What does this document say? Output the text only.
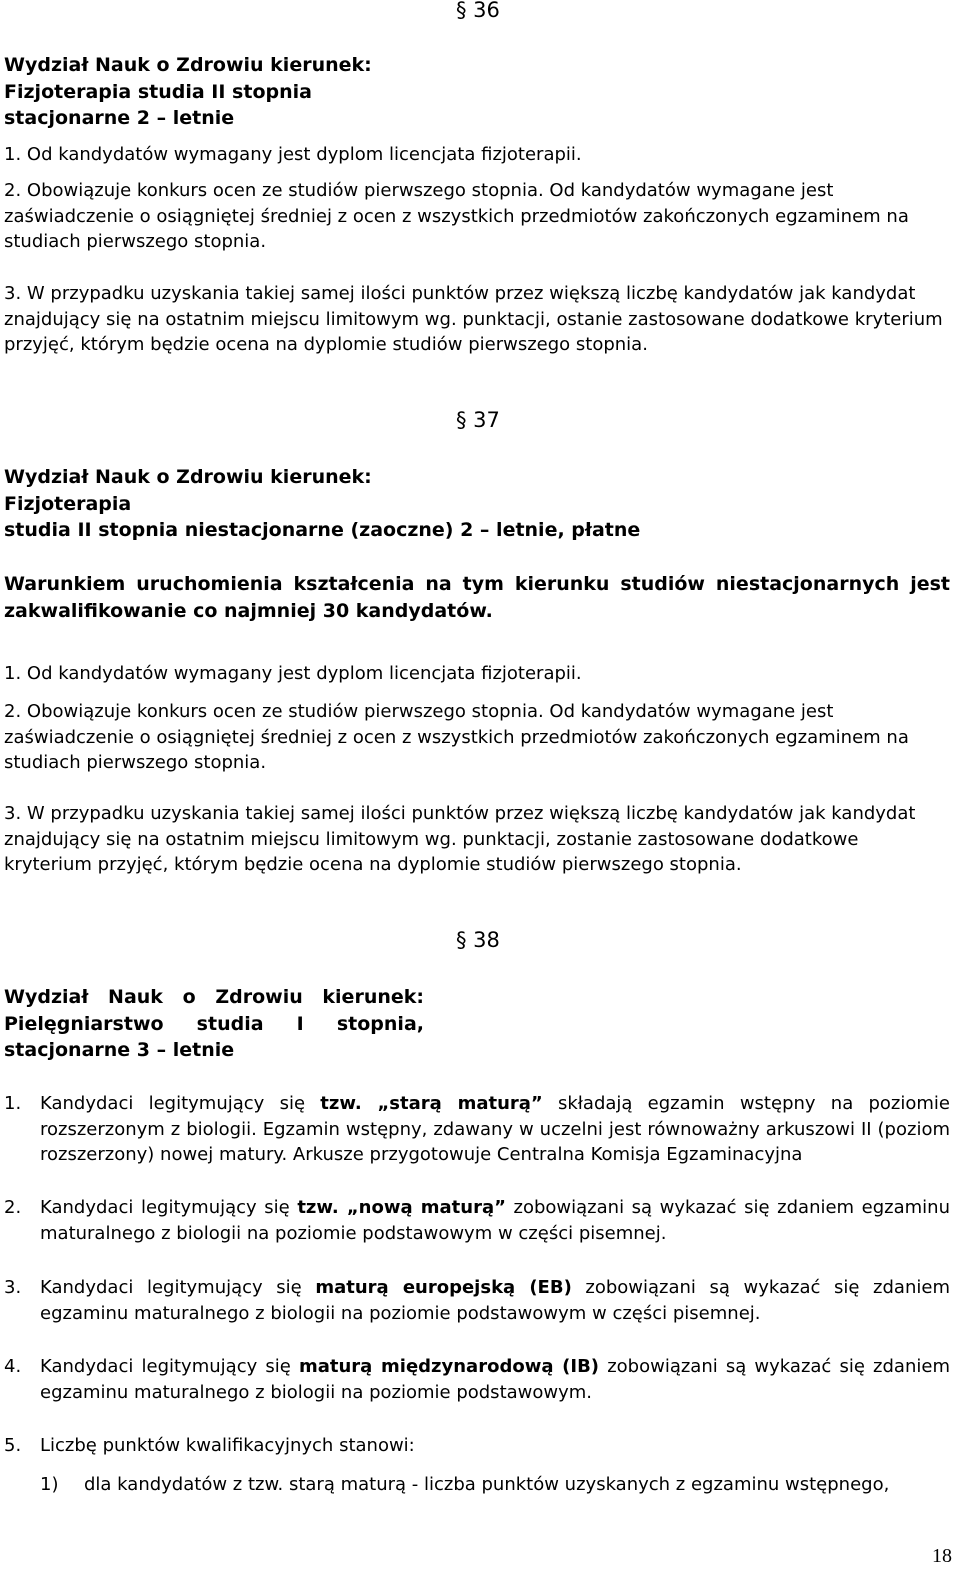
§ 36
Wydział Nauk o Zdrowiu kierunek:
Fizjoterapia studia II stopnia
stacjonarne 2 – letnie
1. Od kandydatów wymagany jest dyplom licencjata fizjoterapii.
2. Obowiązuje konkurs ocen ze studiów pierwszego stopnia. Od kandydatów wymagane jest zaświadczenie o osiągniętej średniej z ocen z wszystkich przedmiotów zakończonych egzaminem na studiach pierwszego stopnia.
3. W przypadku uzyskania takiej samej ilości punktów przez większą liczbę kandydatów jak kandydat znajdujący się na ostatnim miejscu limitowym wg. punktacji, ostanie zastosowane dodatkowe kryterium przyjęć, którym będzie ocena na dyplomie studiów pierwszego stopnia.
§ 37
Wydział Nauk o Zdrowiu kierunek:
Fizjoterapia
studia II stopnia niestacjonarne (zaoczne) 2 – letnie, płatne
Warunkiem uruchomienia kształcenia na tym kierunku studiów niestacjonarnych jest zakwalifikowanie co najmniej 30 kandydatów.
1. Od kandydatów wymagany jest dyplom licencjata fizjoterapii.
2. Obowiązuje konkurs ocen ze studiów pierwszego stopnia. Od kandydatów wymagane jest zaświadczenie o osiągniętej średniej z ocen z wszystkich przedmiotów zakończonych egzaminem na studiach pierwszego stopnia.
3. W przypadku uzyskania takiej samej ilości punktów przez większą liczbę kandydatów jak kandydat znajdujący się na ostatnim miejscu limitowym wg. punktacji, zostanie zastosowane dodatkowe kryterium przyjęć, którym będzie ocena na dyplomie studiów pierwszego stopnia.
§ 38
Wydział Nauk o Zdrowiu kierunek:
Pielęgniarstwo studia I stopnia,
stacjonarne 3 – letnie
1.	Kandydaci legitymujący się tzw. „starą maturą” składają egzamin wstępny na poziomie rozszerzonym z biologii. Egzamin wstępny, zdawany w uczelni jest równoważny arkuszowi II (poziom rozszerzony) nowej matury. Arkusze przygotowuje Centralna Komisja Egzaminacyjna
2.	Kandydaci legitymujący się tzw. „nową maturą” zobowiązani są wykazać się zdaniem egzaminu maturalnego z biologii na poziomie podstawowym w części pisemnej.
3.	Kandydaci legitymujący się maturą europejską (EB) zobowiązani są wykazać się zdaniem egzaminu maturalnego z biologii na poziomie podstawowym w części pisemnej.
4.	Kandydaci legitymujący się maturą międzynarodową (IB) zobowiązani są wykazać się zdaniem egzaminu maturalnego z biologii na poziomie podstawowym.
5.	Liczbę punktów kwalifikacyjnych stanowi:
1)	dla kandydatów z tzw. starą maturą - liczba punktów uzyskanych z egzaminu wstępnego,
18
